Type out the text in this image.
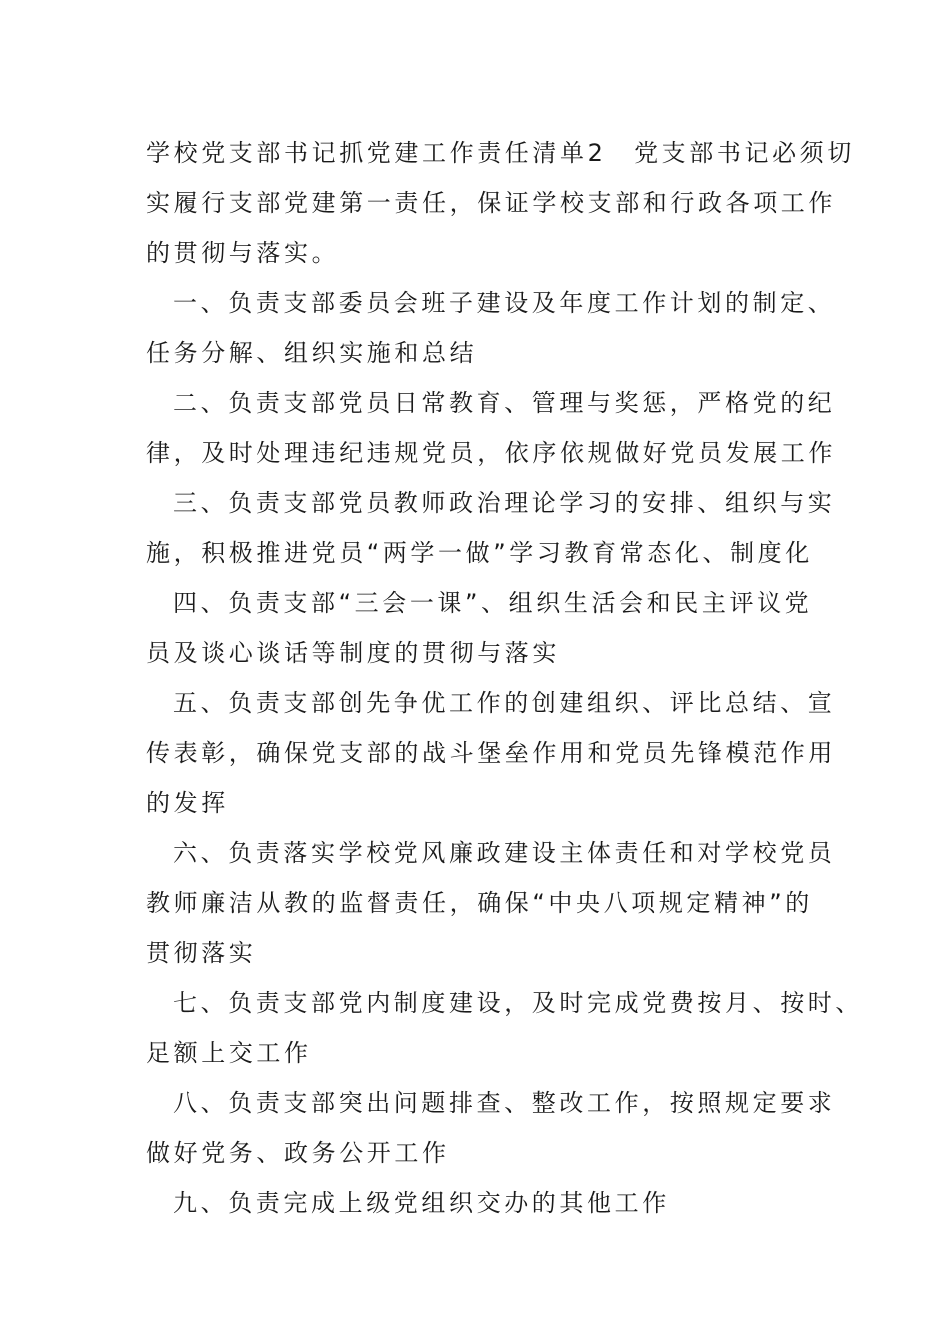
学校党支部书记抓党建工作责任清单2　党支部书记必须切
实履行支部党建第一责任，保证学校支部和行政各项工作
的贯彻与落实。
一、负责支部委员会班子建设及年度工作计划的制定、
任务分解、组织实施和总结
二、负责支部党员日常教育、管理与奖惩，严格党的纪
律，及时处理违纪违规党员，依序依规做好党员发展工作
三、负责支部党员教师政治理论学习的安排、组织与实
施，积极推进党员“两学一做”学习教育常态化、制度化
四、负责支部“三会一课”、组织生活会和民主评议党
员及谈心谈话等制度的贯彻与落实
五、负责支部创先争优工作的创建组织、评比总结、宣
传表彰，确保党支部的战斗堡垒作用和党员先锋模范作用
的发挥
六、负责落实学校党风廉政建设主体责任和对学校党员
教师廉洁从教的监督责任，确保“中央八项规定精神”的
贯彻落实
七、负责支部党内制度建设，及时完成党费按月、按时、
足额上交工作
八、负责支部突出问题排查、整改工作，按照规定要求
做好党务、政务公开工作
九、负责完成上级党组织交办的其他工作
